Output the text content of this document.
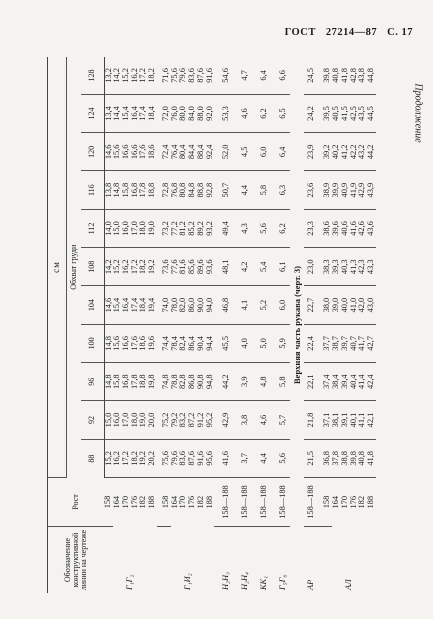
ГОСТ 27214—87 С. 17
Продолжение
Обозначение конструктивной линии на чертеже	Рост	см										
		Обхват груди										
		88	92	96	100	104	108	112	116	120	124	128
Г₁Г₂	158	15,2	15,0	14,8	14,8	14,6	14,2	14,0	13,8	14,6	13,4	13,2
	164	16,2	16,0	15,8	15,6	15,4	15,2	15,0	14,8	15,6	14,4	14,2
	170	17,2	17,0	16,8	16,6	16,4	16,2	16,0	15,8	16,6	15,4	15,2
	176	18,2	18,0	17,8	17,6	17,4	17,2	17,0	16,8	16,6	16,4	16,2
	182	19,2	19,0	18,8	18,6	18,4	18,2	18,0	17,8	17,6	17,4	17,2
	188	20,2	20,0	19,8	19,6	19,4	19,2	19,0	18,8	18,6	18,4	18,2
Г₁И₂	158	75,6	75,2	74,8	74,4	74,0	73,6	73,2	72,8	72,4	72,0	71,6
	164	79,6	79,2	78,8	78,4	78,0	77,6	77,2	76,8	76,4	76,0	75,6
	170	83,6	83,2	82,8	82,4	82,0	81,6	81,2	80,8	80,4	80,0	79,6
	176	87,6	87,2	86,8	86,4	86,0	85,6	85,2	84,8	84,4	84,0	83,6
	182	91,6	91,2	90,8	90,4	90,0	89,6	89,2	88,8	88,4	88,0	87,6
	188	95,6	95,2	94,8	94,4	94,0	93,6	93,2	92,8	92,4	92,0	91,6
Н₂Н₃	158—188	41,6	42,9	44,2	45,5	46,8	48,1	49,4	50,7	52,0	53,3	54,6
Н₂Н₄	158—188	3,7	3,8	3,9	4,0	4,1	4,2	4,3	4,4	4,5	4,6	4,7
КК₁	158—188	4,4	4,6	4,8	5,0	5,2	5,4	5,6	5,8	6,0	6,2	6,4
Г₅Г₆	158—188	5,6	5,7	5,8	5,9	6,0	6,1	6,2	6,3	6,4	6,5	6,6
Верхняя часть рукава (черт. 3)												
АР	158—188	21,5	21,8	22,1	22,4	22,7	23,0	23,3	23,6	23,9	24,2	24,5
АЛ	158	36,8	37,1	37,4	37,7	38,0	38,3	38,6	38,9	39,2	39,5	39,8
	164	37,8	38,1	38,4	38,7	39,0	39,3	39,6	39,9	40,2	40,5	40,8
	170	38,8	39,1	39,4	39,7	40,0	40,3	40,6	40,9	41,2	41,5	41,8
	176	39,8	40,1	40,4	40,7	41,0	41,3	41,6	41,9	42,2	42,5	42,8
	182	40,8	41,1	41,4	41,7	42,0	42,3	42,6	42,9	43,2	43,5	43,8
	188	41,8	42,1	42,4	42,7	43,0	43,3	43,6	43,9	44,2	44,5	44,8
